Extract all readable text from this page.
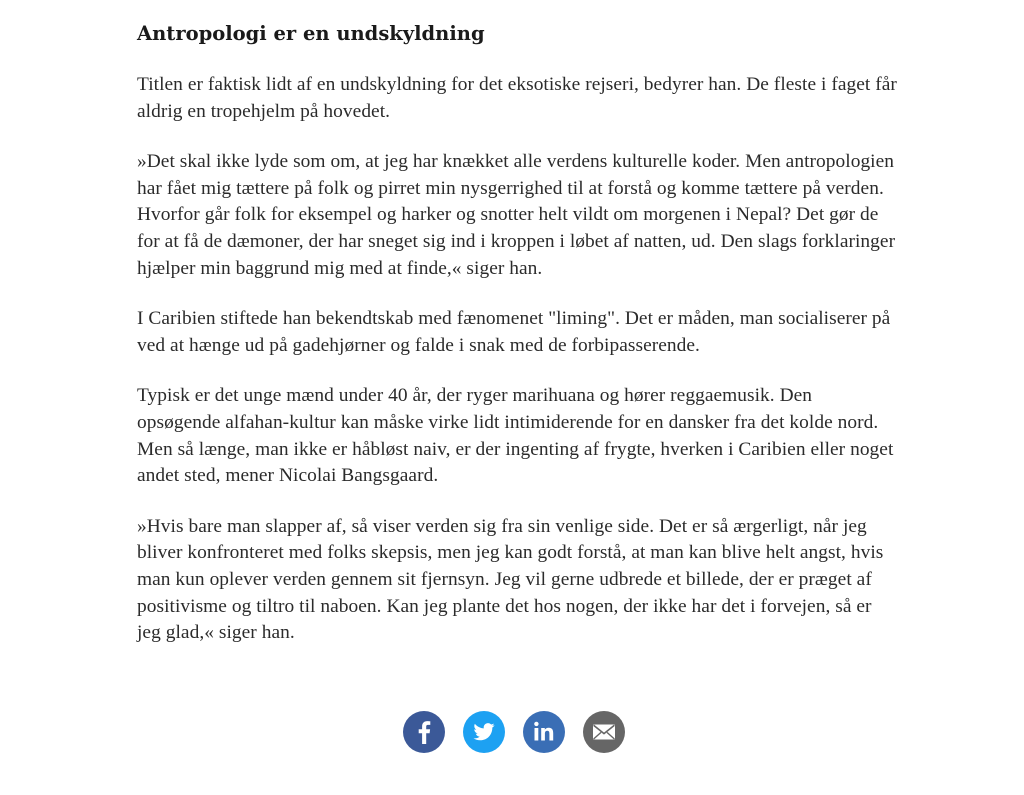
Antropologi er en undskyldning

Titlen er faktisk lidt af en undskyldning for det eksotiske rejseri, bedyrer han. De fleste i faget får aldrig en tropehjelm på hovedet.

»Det skal ikke lyde som om, at jeg har knækket alle verdens kulturelle koder. Men antropologien har fået mig tættere på folk og pirret min nysgerrighed til at forstå og komme tættere på verden. Hvorfor går folk for eksempel og harker og snotter helt vildt om morgenen i Nepal? Det gør de for at få de dæmoner, der har sneget sig ind i kroppen i løbet af natten, ud. Den slags forklaringer hjælper min baggrund mig med at finde,« siger han.

I Caribien stiftede han bekendtskab med fænomenet "liming". Det er måden, man socialiserer på ved at hænge ud på gadehjørner og falde i snak med de forbipasserende.

Typisk er det unge mænd under 40 år, der ryger marihuana og hører reggaemusik. Den opsøgende alfahan-kultur kan måske virke lidt intimiderende for en dansker fra det kolde nord. Men så længe, man ikke er håbløst naiv, er der ingenting af frygte, hverken i Caribien eller noget andet sted, mener Nicolai Bangsgaard.

»Hvis bare man slapper af, så viser verden sig fra sin venlige side. Det er så ærgerligt, når jeg bliver konfronteret med folks skepsis, men jeg kan godt forstå, at man kan blive helt angst, hvis man kun oplever verden gennem sit fjernsyn. Jeg vil gerne udbrede et billede, der er præget af positivisme og tiltro til naboen. Kan jeg plante det hos nogen, der ikke har det i forvejen, så er jeg glad,« siger han.
